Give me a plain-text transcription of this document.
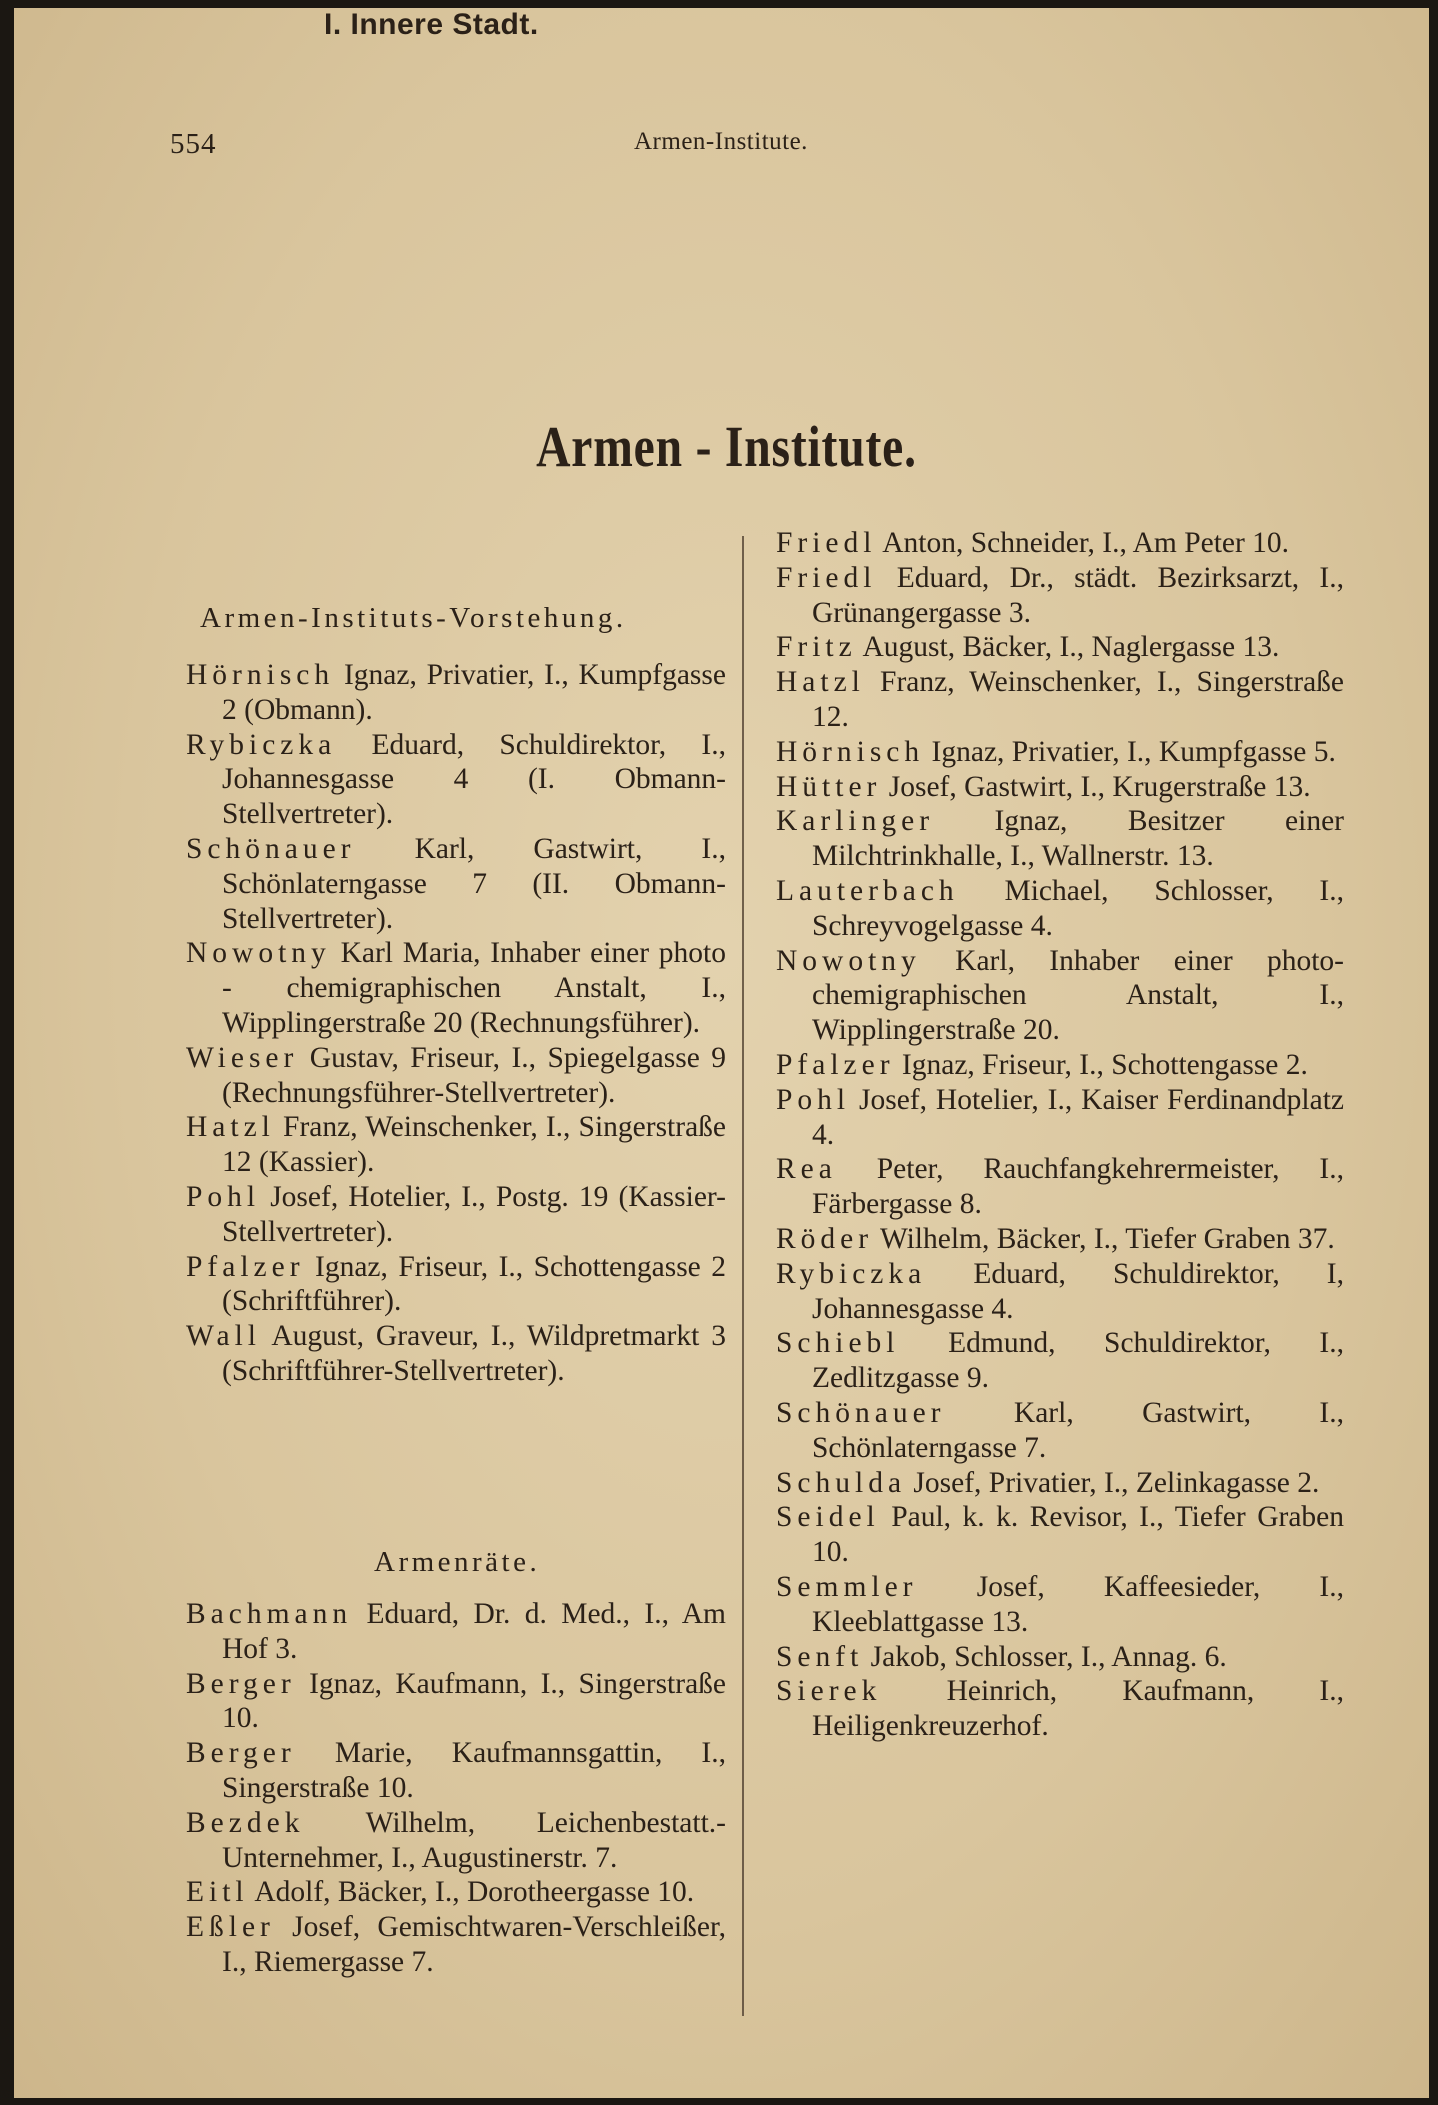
554	Armen-Institute.
Armen - Institute.
I. Innere Stadt.
Armen-Instituts-Vorstehung.
Hörnisch Ignaz, Privatier, I., Kumpfgasse 2 (Obmann).
Rybiczka Eduard, Schuldirektor, I., Johannesgasse 4 (I. Obmann-Stellvertreter).
Schönauer Karl, Gastwirt, I., Schönlaterngasse 7 (II. Obmann-Stellvertreter).
Nowotny Karl Maria, Inhaber einer photo - chemigraphischen Anstalt, I., Wipplingerstraße 20 (Rechnungsführer).
Wieser Gustav, Friseur, I., Spiegelgasse 9 (Rechnungsführer-Stellvertreter).
Hatzl Franz, Weinschenker, I., Singerstraße 12 (Kassier).
Pohl Josef, Hotelier, I., Postg. 19 (Kassier-Stellvertreter).
Pfalzer Ignaz, Friseur, I., Schottengasse 2 (Schriftführer).
Wall August, Graveur, I., Wildpretmarkt 3 (Schriftführer-Stellvertreter).
Armenräte.
Bachmann Eduard, Dr. d. Med., I., Am Hof 3.
Berger Ignaz, Kaufmann, I., Singerstraße 10.
Berger Marie, Kaufmannsgattin, I., Singerstraße 10.
Bezdek Wilhelm, Leichenbestatt.-Unternehmer, I., Augustinerstr. 7.
Eitl Adolf, Bäcker, I., Dorotheergasse 10.
Eßler Josef, Gemischtwaren-Verschleißer, I., Riemergasse 7.
Friedl Anton, Schneider, I., Am Peter 10.
Friedl Eduard, Dr., städt. Bezirksarzt, I., Grünangergasse 3.
Fritz August, Bäcker, I., Naglergasse 13.
Hatzl Franz, Weinschenker, I., Singerstraße 12.
Hörnisch Ignaz, Privatier, I., Kumpfgasse 5.
Hütter Josef, Gastwirt, I., Krugerstraße 13.
Karlinger Ignaz, Besitzer einer Milchtrinkhalle, I., Wallnerstr. 13.
Lauterbach Michael, Schlosser, I., Schreyvogelgasse 4.
Nowotny Karl, Inhaber einer photo-chemigraphischen Anstalt, I., Wipplingerstraße 20.
Pfalzer Ignaz, Friseur, I., Schottengasse 2.
Pohl Josef, Hotelier, I., Kaiser Ferdinandplatz 4.
Rea Peter, Rauchfangkehrermeister, I., Färbergasse 8.
Röder Wilhelm, Bäcker, I., Tiefer Graben 37.
Rybiczka Eduard, Schuldirektor, I, Johannesgasse 4.
Schiebl Edmund, Schuldirektor, I., Zedlitzgasse 9.
Schönauer Karl, Gastwirt, I., Schönlaterngasse 7.
Schulda Josef, Privatier, I., Zelinkagasse 2.
Seidel Paul, k. k. Revisor, I., Tiefer Graben 10.
Semmler Josef, Kaffeesieder, I., Kleeblattgasse 13.
Senft Jakob, Schlosser, I., Annag. 6.
Sierek Heinrich, Kaufmann, I., Heiligenkreuzerhof.
